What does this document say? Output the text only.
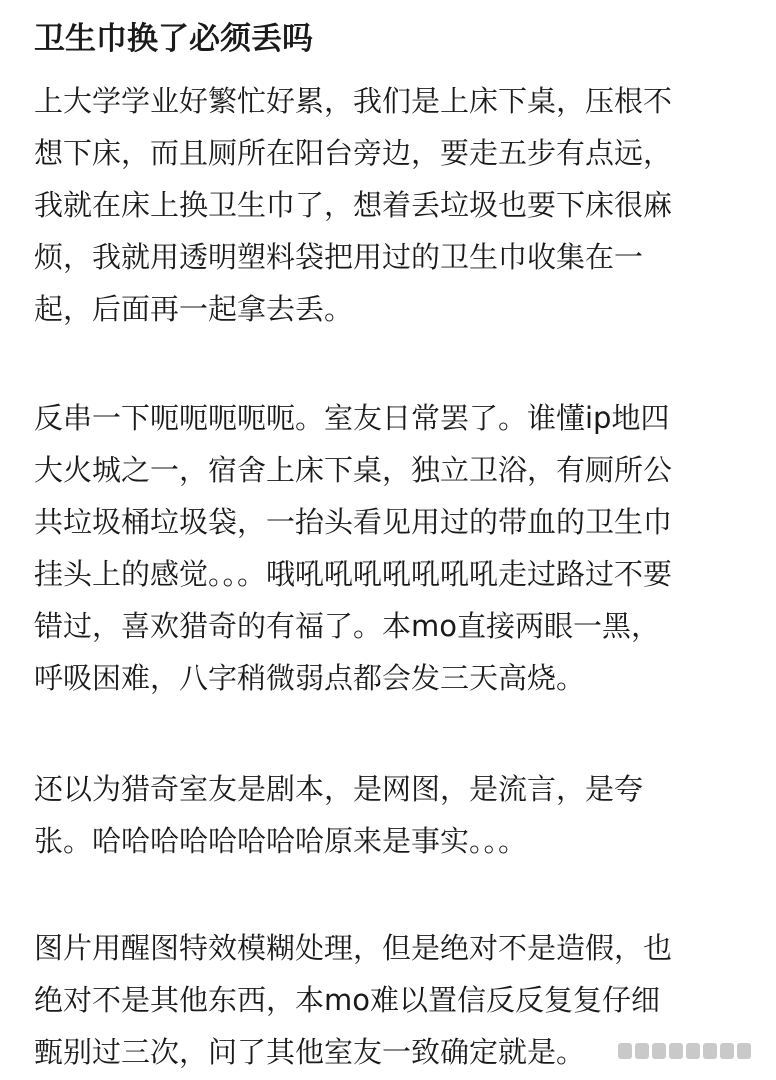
卫生巾换了必须丢吗
上大学学业好繁忙好累，我们是上床下桌，压根不
想下床，而且厕所在阳台旁边，要走五步有点远，
我就在床上换卫生巾了，想着丢垃圾也要下床很麻
烦，我就用透明塑料袋把用过的卫生巾收集在一
起，后面再一起拿去丢。
反串一下呃呃呃呃呃。室友日常罢了。谁懂ip地四
大火城之一，宿舍上床下桌，独立卫浴，有厕所公
共垃圾桶垃圾袋，一抬头看见用过的带血的卫生巾
挂头上的感觉。。。哦吼吼吼吼吼吼吼走过路过不要
错过，喜欢猎奇的有福了。本mo直接两眼一黑，
呼吸困难，八字稍微弱点都会发三天高烧。
还以为猎奇室友是剧本，是网图，是流言，是夸
张。哈哈哈哈哈哈哈哈原来是事实。。。
图片用醒图特效模糊处理，但是绝对不是造假，也
绝对不是其他东西，本mo难以置信反反复复仔细
甄别过三次，问了其他室友一致确定就是。
